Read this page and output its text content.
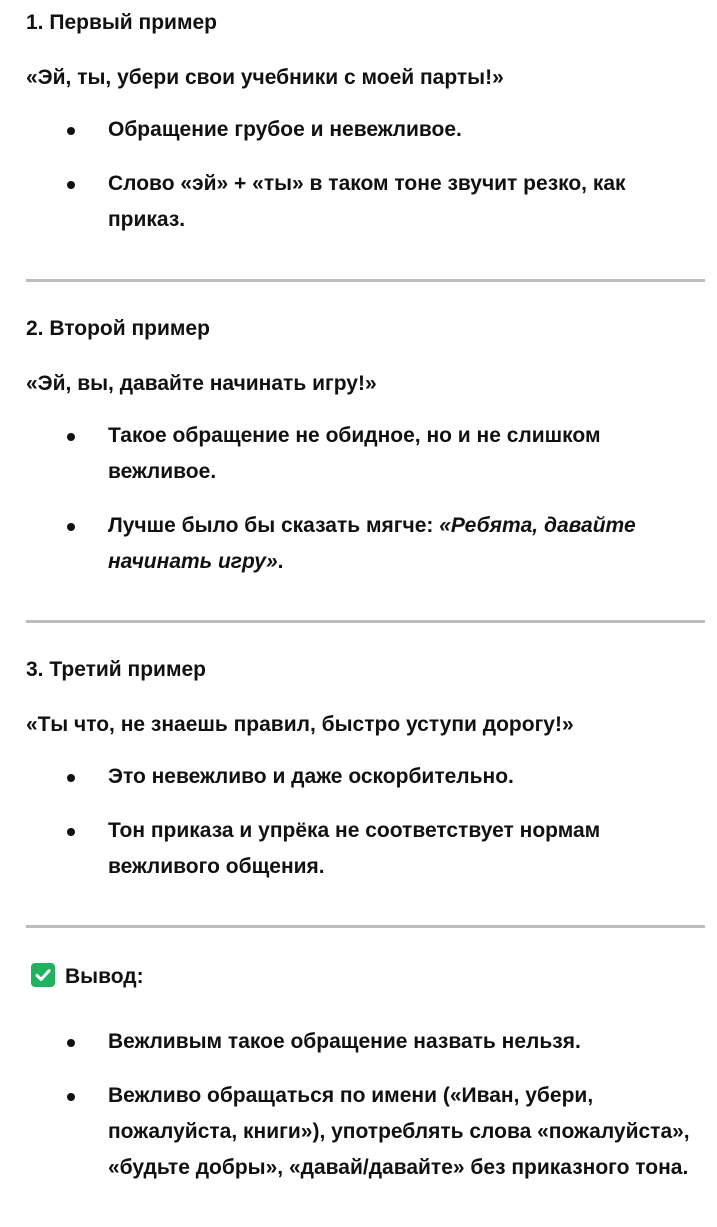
1. Первый пример

«Эй, ты, убери свои учебники с моей парты!»

Обращение грубое и невежливое.
Слово «эй» + «ты» в таком тоне звучит резко, как приказ.

2. Второй пример

«Эй, вы, давайте начинать игру!»

Такое обращение не обидное, но и не слишком вежливое.
Лучше было бы сказать мягче: «Ребята, давайте начинать игру».

3. Третий пример

«Ты что, не знаешь правил, быстро уступи дорогу!»

Это невежливо и даже оскорбительно.
Тон приказа и упрёка не соответствует нормам вежливого общения.

Вывод:

Вежливым такое обращение назвать нельзя.
Вежливо обращаться по имени («Иван, убери, пожалуйста, книги»), употреблять слова «пожалуйста», «будьте добры», «давай/давайте» без приказного тона.
